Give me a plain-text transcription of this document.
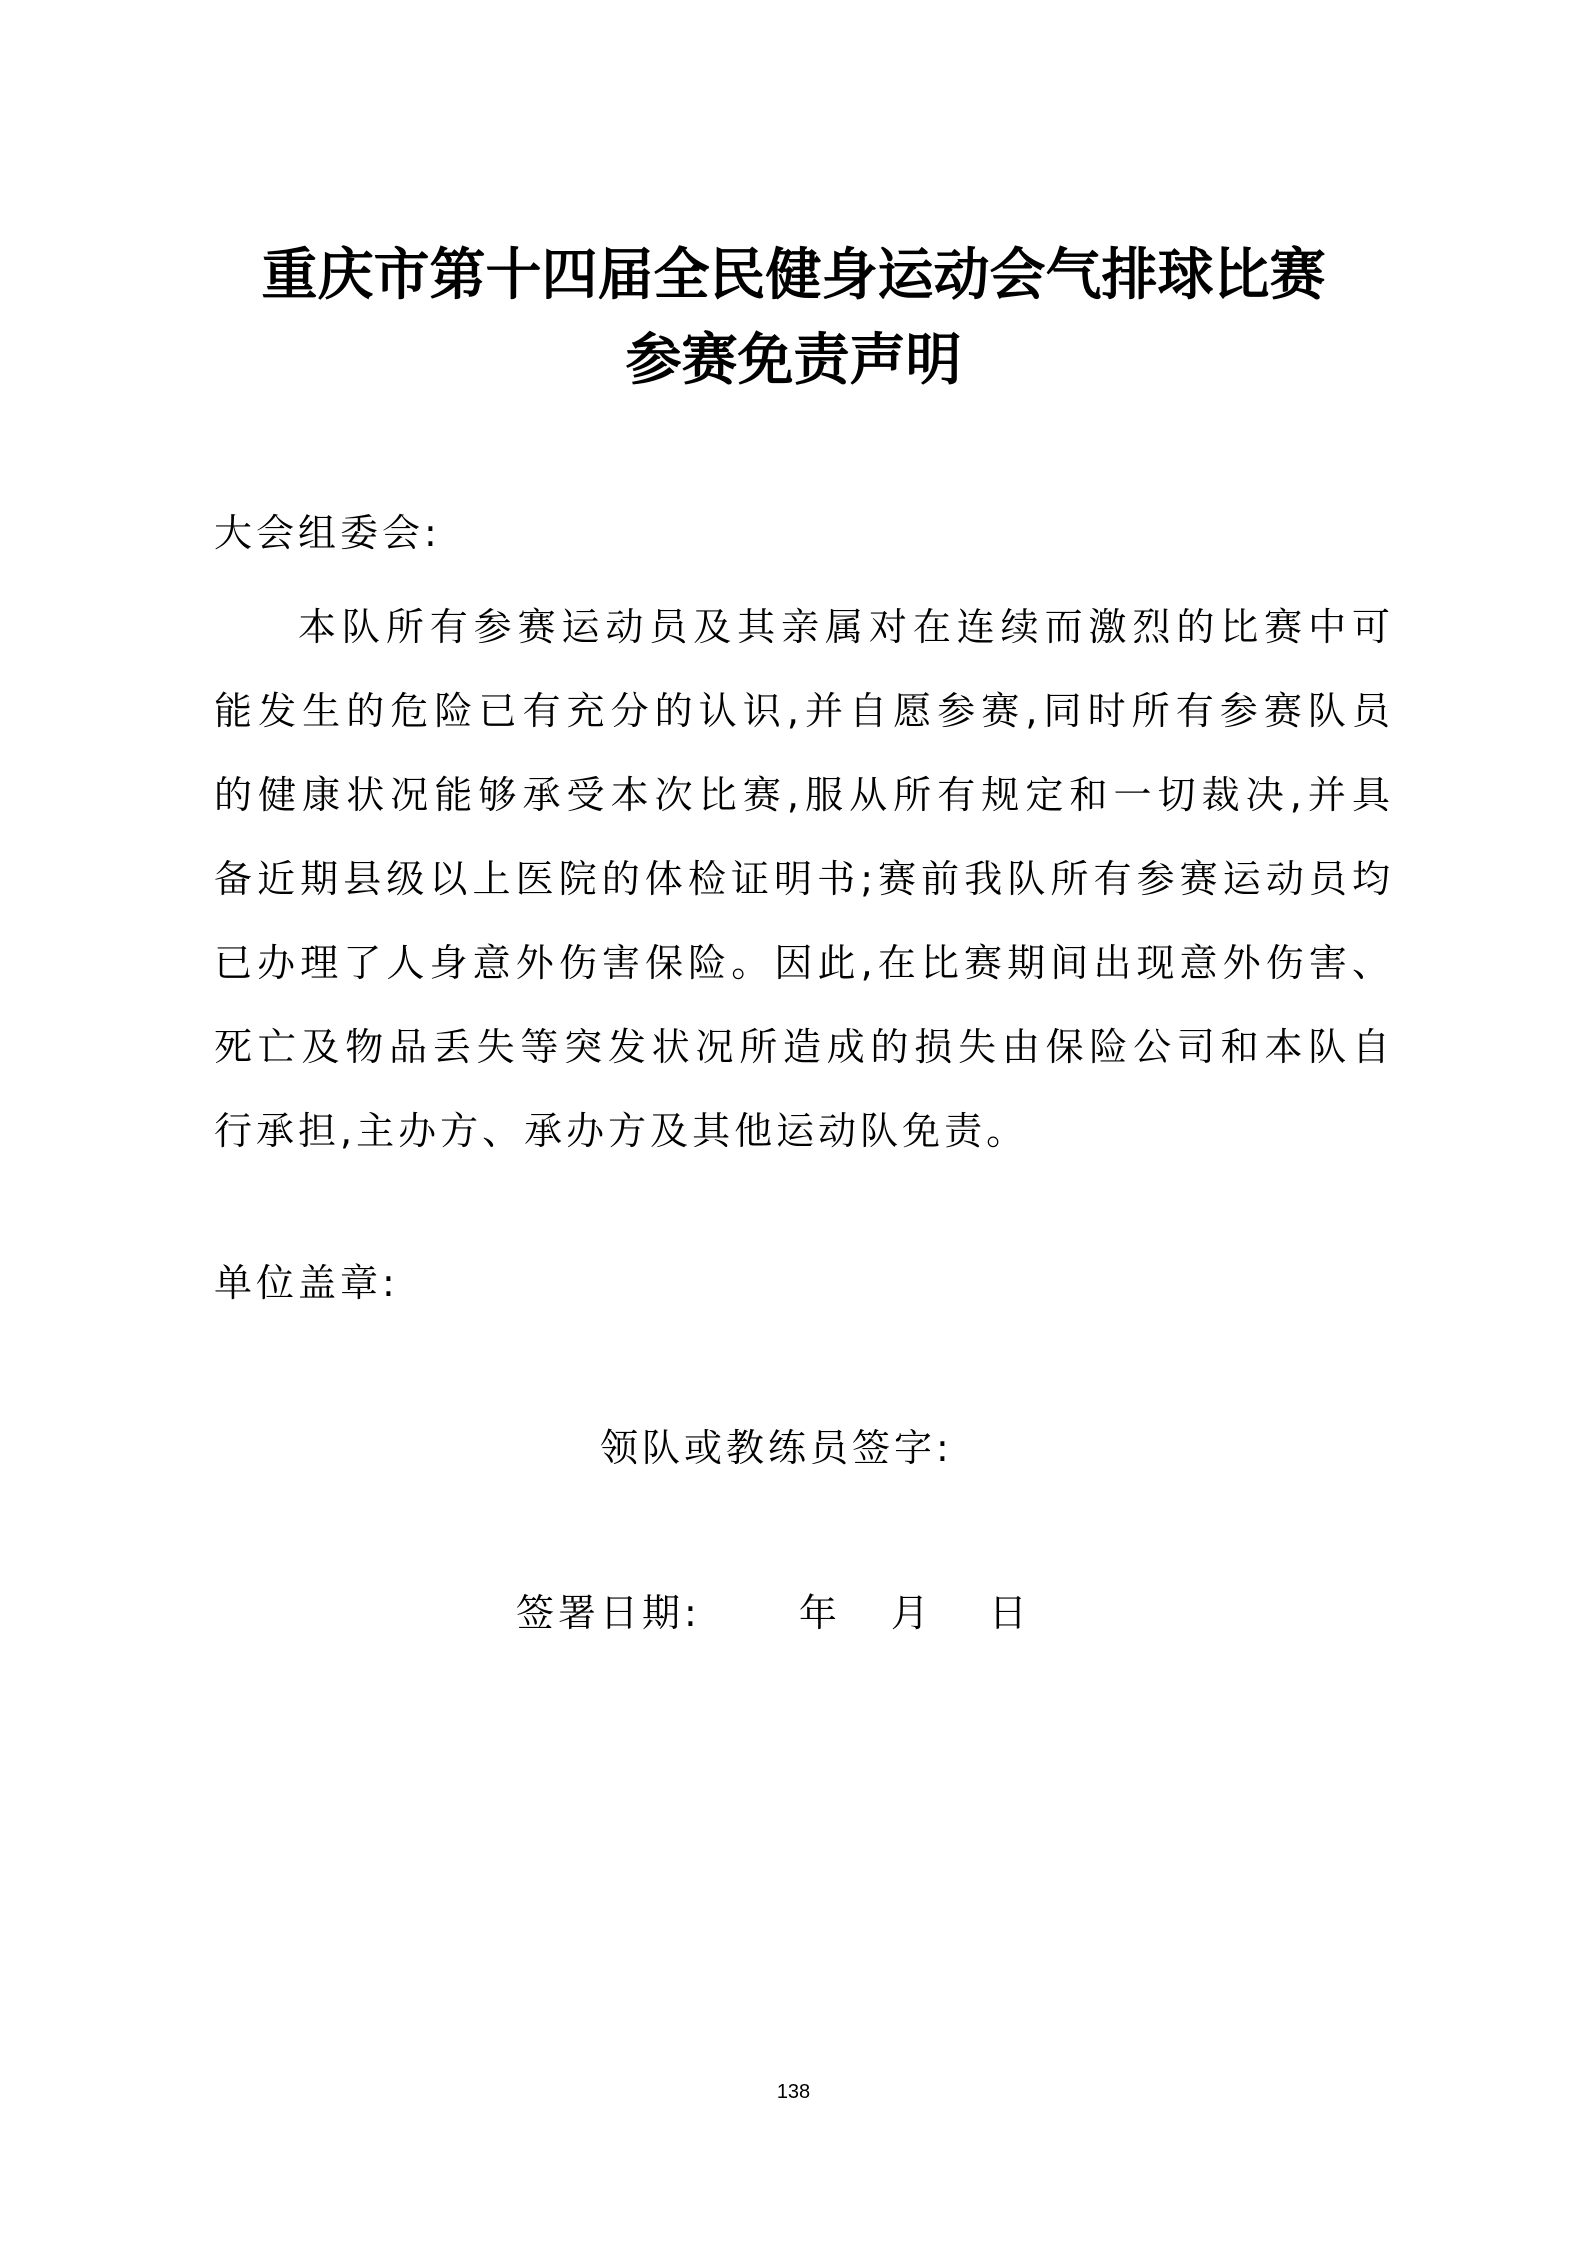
重庆市第十四届全民健身运动会气排球比赛
参赛免责声明
大会组委会:
本队所有参赛运动员及其亲属对在连续而激烈的比赛中可
能发生的危险已有充分的认识,并自愿参赛,同时所有参赛队员
的健康状况能够承受本次比赛,服从所有规定和一切裁决,并具
备近期县级以上医院的体检证明书;赛前我队所有参赛运动员均
已办理了人身意外伤害保险。因此,在比赛期间出现意外伤害、
死亡及物品丢失等突发状况所造成的损失由保险公司和本队自
行承担,主办方、承办方及其他运动队免责。
单位盖章:
领队或教练员签字:
签署日期:	年 月 日
138
